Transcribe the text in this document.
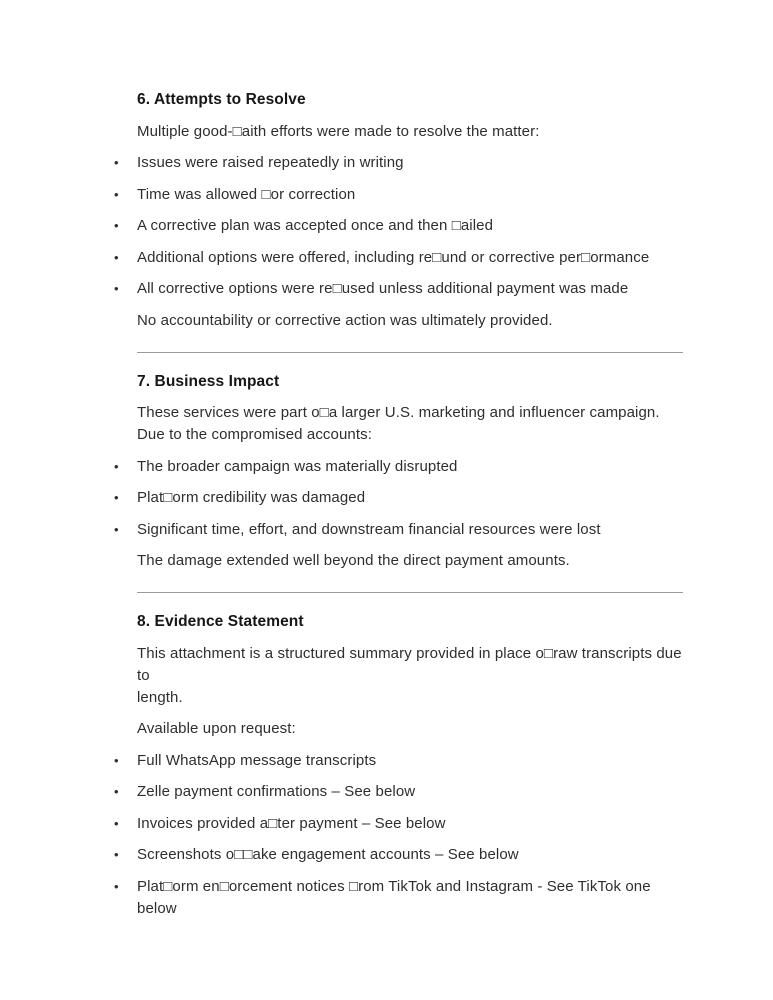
6. Attempts to Resolve
Multiple good-□aith efforts were made to resolve the matter:
• Issues were raised repeatedly in writing
• Time was allowed □or correction
• A corrective plan was accepted once and then □ailed
• Additional options were offered, including re□und or corrective per□ormance
• All corrective options were re□used unless additional payment was made
No accountability or corrective action was ultimately provided.
7. Business Impact
These services were part o□a larger U.S. marketing and influencer campaign.
Due to the compromised accounts:
• The broader campaign was materially disrupted
• Plat□orm credibility was damaged
• Significant time, effort, and downstream financial resources were lost
The damage extended well beyond the direct payment amounts.
8. Evidence Statement
This attachment is a structured summary provided in place o□raw transcripts due to
length.
Available upon request:
• Full WhatsApp message transcripts
• Zelle payment confirmations – See below
• Invoices provided a□ter payment – See below
• Screenshots o□□ake engagement accounts – See below
• Plat□orm en□orcement notices □rom TikTok and Instagram - See TikTok one below
